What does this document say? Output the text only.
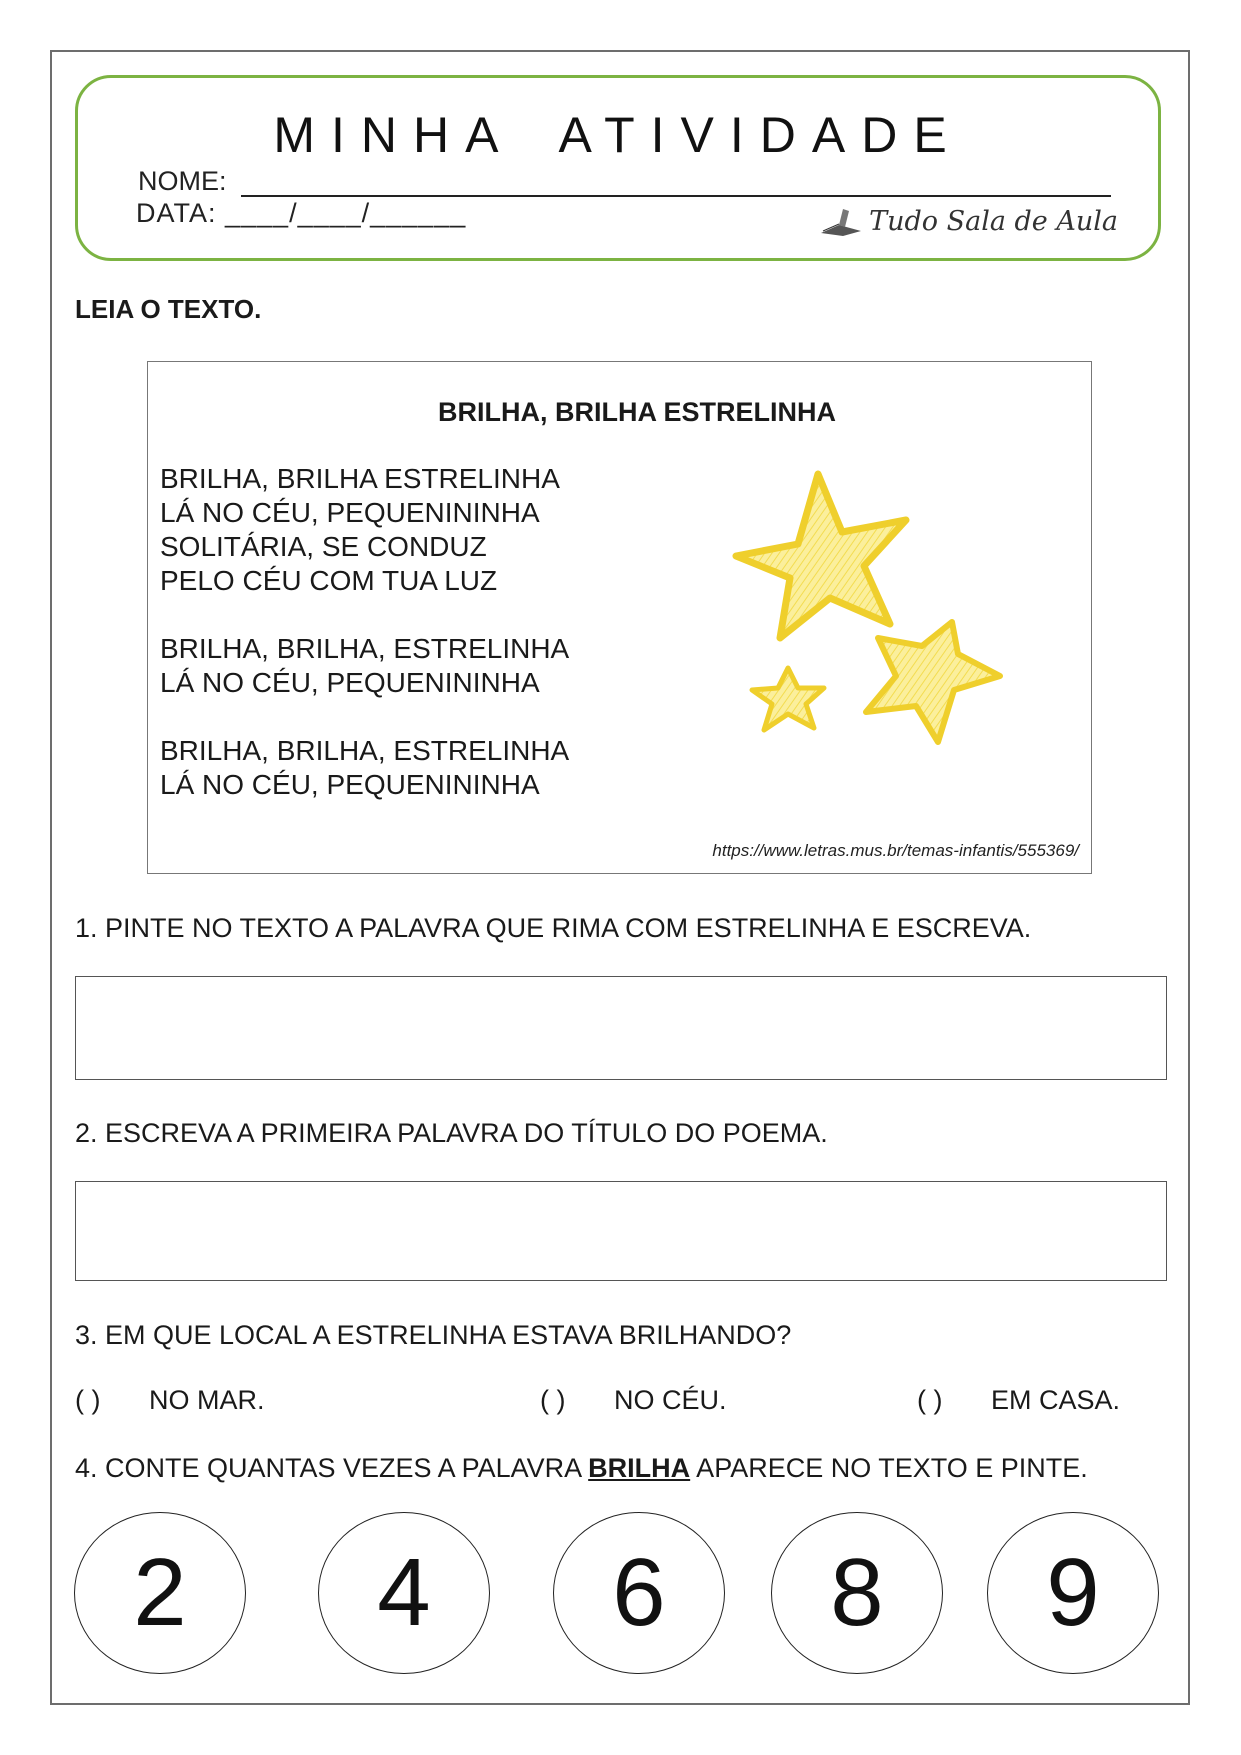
MINHA ATIVIDADE
NOME:
DATA: ____/____/______	Tudo Sala de Aula
LEIA O TEXTO.
BRILHA, BRILHA ESTRELINHA
BRILHA, BRILHA ESTRELINHA
LÁ NO CÉU, PEQUENININHA
SOLITÁRIA, SE CONDUZ
PELO CÉU COM TUA LUZ
BRILHA, BRILHA, ESTRELINHA
LÁ NO CÉU, PEQUENININHA
BRILHA, BRILHA, ESTRELINHA
LÁ NO CÉU, PEQUENININHA
https://www.letras.mus.br/temas-infantis/555369/
1. PINTE NO TEXTO A PALAVRA QUE RIMA COM ESTRELINHA E ESCREVA.
2. ESCREVA A PRIMEIRA PALAVRA DO TÍTULO DO POEMA.
3. EM QUE LOCAL A ESTRELINHA ESTAVA BRILHANDO?
( ) NO MAR.	( ) NO CÉU.	( ) EM CASA.
4. CONTE QUANTAS VEZES A PALAVRA BRILHA APARECE NO TEXTO E PINTE.
2	4	6	8	9
